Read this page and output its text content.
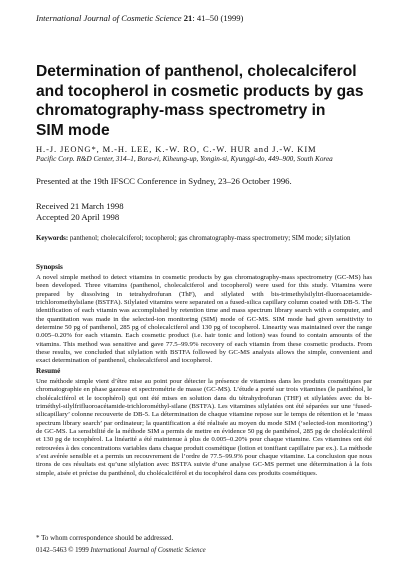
International Journal of Cosmetic Science 21: 41–50 (1999)
Determination of panthenol, cholecalciferol
and tocopherol in cosmetic products by gas
chromatography-mass spectrometry in
SIM mode
H.-J. JEONG*, M.-H. LEE, K.-W. RO, C.-W. HUR and J.-W. KIM
Pacific Corp. R&D Center, 314–1, Bora-ri, Kiheung-up, Yongin-si, Kyunggi-do, 449–900, South Korea
Presented at the 19th IFSCC Conference in Sydney, 23–26 October 1996.
Received 21 March 1998
Accepted 20 April 1998
Keywords: panthenol; cholecalciferol; tocopherol; gas chromatography-mass spectrometry; SIM mode; silylation
Synopsis
A novel simple method to detect vitamins in cosmetic products by gas chromatography-mass spectrometry (GC-MS) has been developed. Three vitamins (panthenol, cholecalciferol and tocopherol) were used for this study. Vitamins were prepared by dissolving in tetrahydrofuran (ThF), and silylated with bis-trimethylsilyltri-fluoroacetamide-trichloromethylsilane (BSTFA). Silylated vitamins were separated on a fused-silica capillary column coated with DB-5. The identification of each vitamin was accomplished by retention time and mass spectrum library search with a computer, and the quantitation was made in the selected-ion monitoring (SIM) mode of GC-MS. SIM mode had given sensitivity to determine 50 pg of panthenol, 285 pg of cholecalciferol and 130 pg of tocopherol. Linearity was maintained over the range 0.005–0.20% for each vitamin. Each cosmetic product (i.e. hair tonic and lotion) was found to contain amounts of the vitamins. This method was sensitive and gave 77.5–99.9% recovery of each vitamin from these cosmetic products. From these results, we concluded that silylation with BSTFA followed by GC-MS analysis allows the simple, convenient and exact determination of panthenol, cholecalciferol and tocopherol.
Resumé
Une méthode simple vient d’être mise au point pour détecter la présence de vitamines dans les produits cosmétiques par chromatographie en phase gazeuse et spectrométrie de masse (GC-MS). L’étude a porté sur trois vitamines (le panthénol, le cholécalciférol et le tocophérol) qui ont été mises en solution dans du tétrahydrofuran (THF) et silylatées avec du bi-triméthyl-silylfrifluoroacétamide-trichlorométhyl-silane (BSTFA). Les vitamines silylatées ont été séparées sur une ‘fused-silicapillary’ colonne recouverte de DB-5. La détermination de chaque vitamine repose sur le temps de rétention et le ‘mass spectrum library search’ par ordinateur; la quantification a été réalisée au moyen du mode SIM (‘selected-ion monitoring’) de GC-MS. La sensibilité de la méthode SIM a permis de mettre en évidence 50 pg de panthénol, 285 pg de cholécalciférol et 130 pg de tocophérol. La linéarité a été maintenue à plus de 0.005–0.20% pour chaque vitamine. Ces vitamines ont été retrouvées à des concentrations variables dans chaque produit cosmétique (lotion et tonifiant capillaire par ex.). La méthode s’est avérée sensible et a permis un recouvrement de l’ordre de 77.5–99.9% pour chaque vitamine. La conclusion que nous tirons de ces résultats est qu’une silylation avec BSTFA suivie d’une analyse GC-MS permet une détermination à la fois simple, aisée et précise du panthénol, du cholécalciférol et du tocophérol dans ces produits cosmétiques.
* To whom correspondence should be addressed.
0142–5463 © 1999 International Journal of Cosmetic Science
